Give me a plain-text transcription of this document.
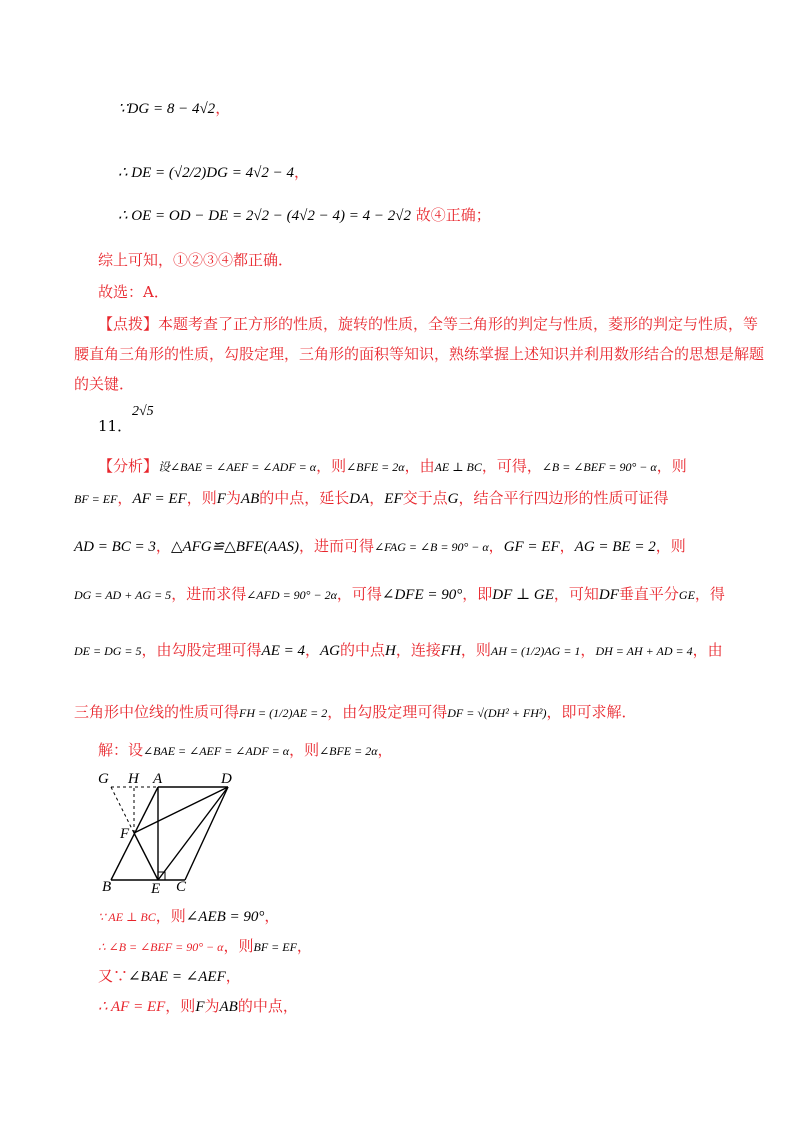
∵DG = 8 − 4√2，
∴ DE = (√2/2)DG = 4√2 − 4，
∴ OE = OD − DE = 2√2 − (4√2 − 4) = 4 − 2√2 故④正确；
综上可知，①②③④都正确．
故选：A．
【点拨】本题考查了正方形的性质，旋转的性质，全等三角形的判定与性质，菱形的判定与性质，等
腰直角三角形的性质，勾股定理，三角形的面积等知识，熟练掌握上述知识并利用数形结合的思想是解题
的关键．
11．
2√5
【分析】设∠BAE = ∠AEF = ∠ADF = α，则∠BFE = 2α，由AE ⊥ BC，可得，∠B = ∠BEF = 90° − α，则
BF = EF，AF = EF，则F为AB的中点，延长DA，EF交于点G，结合平行四边形的性质可证得
AD = BC = 3，△AFG≌△BFE(AAS)，进而可得∠FAG = ∠B = 90° − α，GF = EF，AG = BE = 2，则
DG = AD + AG = 5，进而求得∠AFD = 90° − 2α，可得∠DFE = 90°，即DF ⊥ GE，可知DF垂直平分GE，得
DE = DG = 5，由勾股定理可得AE = 4，AG的中点H，连接FH，则AH = (1/2)AG = 1，DH = AH + AD = 4，由
三角形中位线的性质可得FH = (1/2)AE = 2，由勾股定理可得DF = √(DH² + FH²)，即可求解．
解：设∠BAE = ∠AEF = ∠ADF = α，则∠BFE = 2α，
G H A	D
F
B	E C
∵ AE ⊥ BC，则∠AEB = 90°，
∴ ∠B = ∠BEF = 90° − α，则BF = EF，
又∵∠BAE = ∠AEF，
∴ AF = EF，则F为AB的中点，
